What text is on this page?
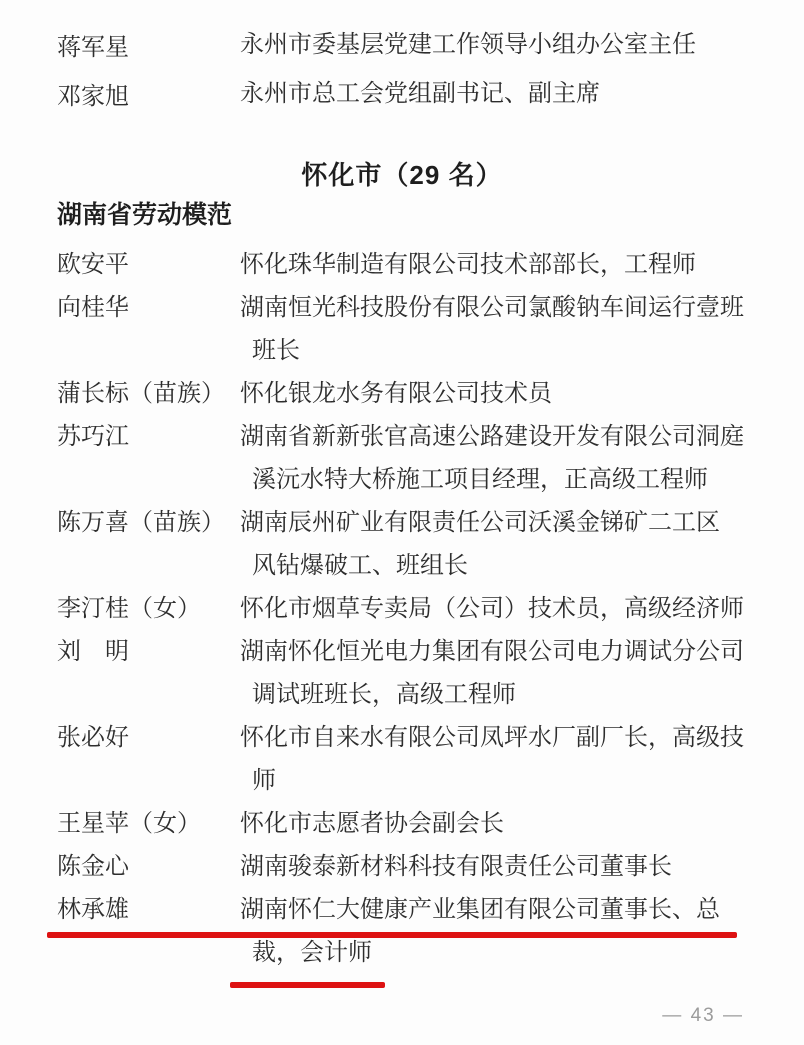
蒋军星	永州市委基层党建工作领导小组办公室主任
邓家旭	永州市总工会党组副书记、副主席
怀化市（29 名）
湖南省劳动模范
欧安平	怀化珠华制造有限公司技术部部长，工程师
向桂华	湖南恒光科技股份有限公司氯酸钠车间运行壹班
班长
蒲长标（苗族） 怀化银龙水务有限公司技术员
苏巧江	湖南省新新张官高速公路建设开发有限公司洞庭
溪沅水特大桥施工项目经理，正高级工程师
陈万喜（苗族） 湖南辰州矿业有限责任公司沃溪金锑矿二工区
风钻爆破工、班组长
李汀桂（女）	怀化市烟草专卖局（公司）技术员，高级经济师
刘　明	湖南怀化恒光电力集团有限公司电力调试分公司
调试班班长，高级工程师
张必好	怀化市自来水有限公司凤坪水厂副厂长，高级技
师
王星苹（女）	怀化市志愿者协会副会长
陈金心	湖南骏泰新材料科技有限责任公司董事长
林承雄	湖南怀仁大健康产业集团有限公司董事长、总
裁，会计师
— 43 —
